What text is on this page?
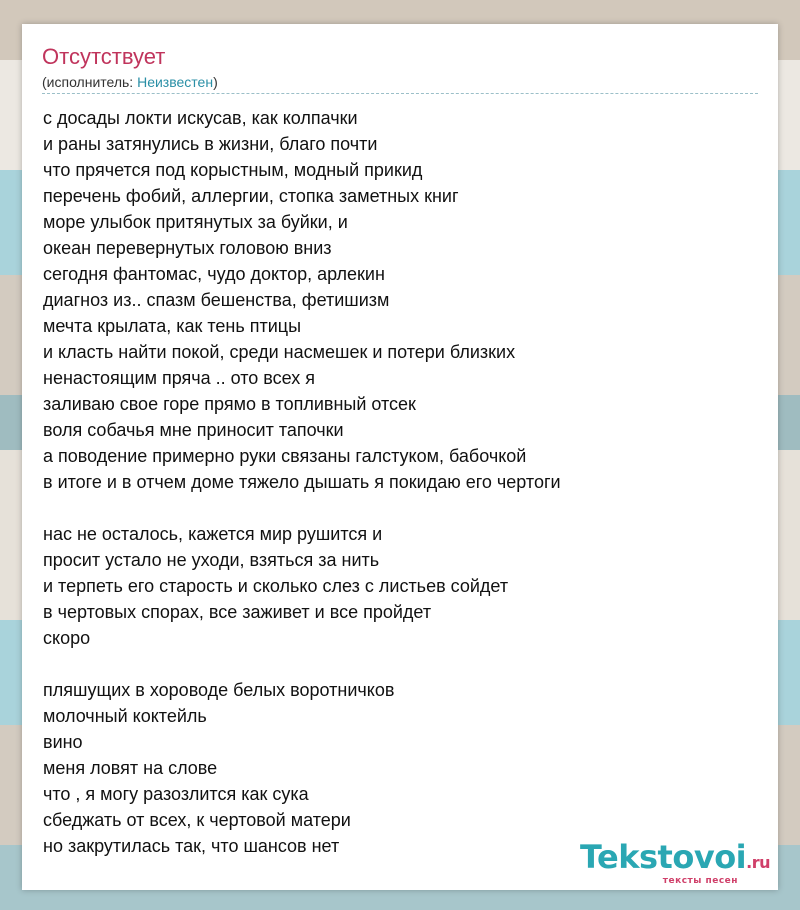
Отсутствует
(исполнитель: Неизвестен)
с досады локти искусав, как колпачки
и раны затянулись в жизни, благо почти
что прячется под корыстным, модный прикид
перечень фобий, аллергии, стопка заметных книг
море улыбок притянутых за буйки, и
океан перевернутых головою вниз
сегодня фантомас, чудо доктор, арлекин
диагноз из.. спазм бешенства, фетишизм
мечта крылата, как тень птицы
и класть найти покой, среди насмешек и потери близких
ненастоящим пряча .. ото всех я
заливаю свое горе прямо в топливный отсек
воля собачья мне приносит тапочки
а поводение примерно руки связаны галстуком, бабочкой
в итоге и в отчем доме тяжело дышать я покидаю его чертоги
нас не осталось, кажется мир рушится и
просит устало не уходи, взяться за нить
и терпеть его старость и сколько слез с листьев сойдет
в чертовых спорах, все заживет и все пройдет
скоро
пляшущих в хороводе белых воротничков
молочный коктейль
вино
меня ловят на слове
что , я могу разозлится как сука
сбеджать от всех, к чертовой матери
но закрутилась так, что шансов нет	Tekstovoi.ru
тексты песен
